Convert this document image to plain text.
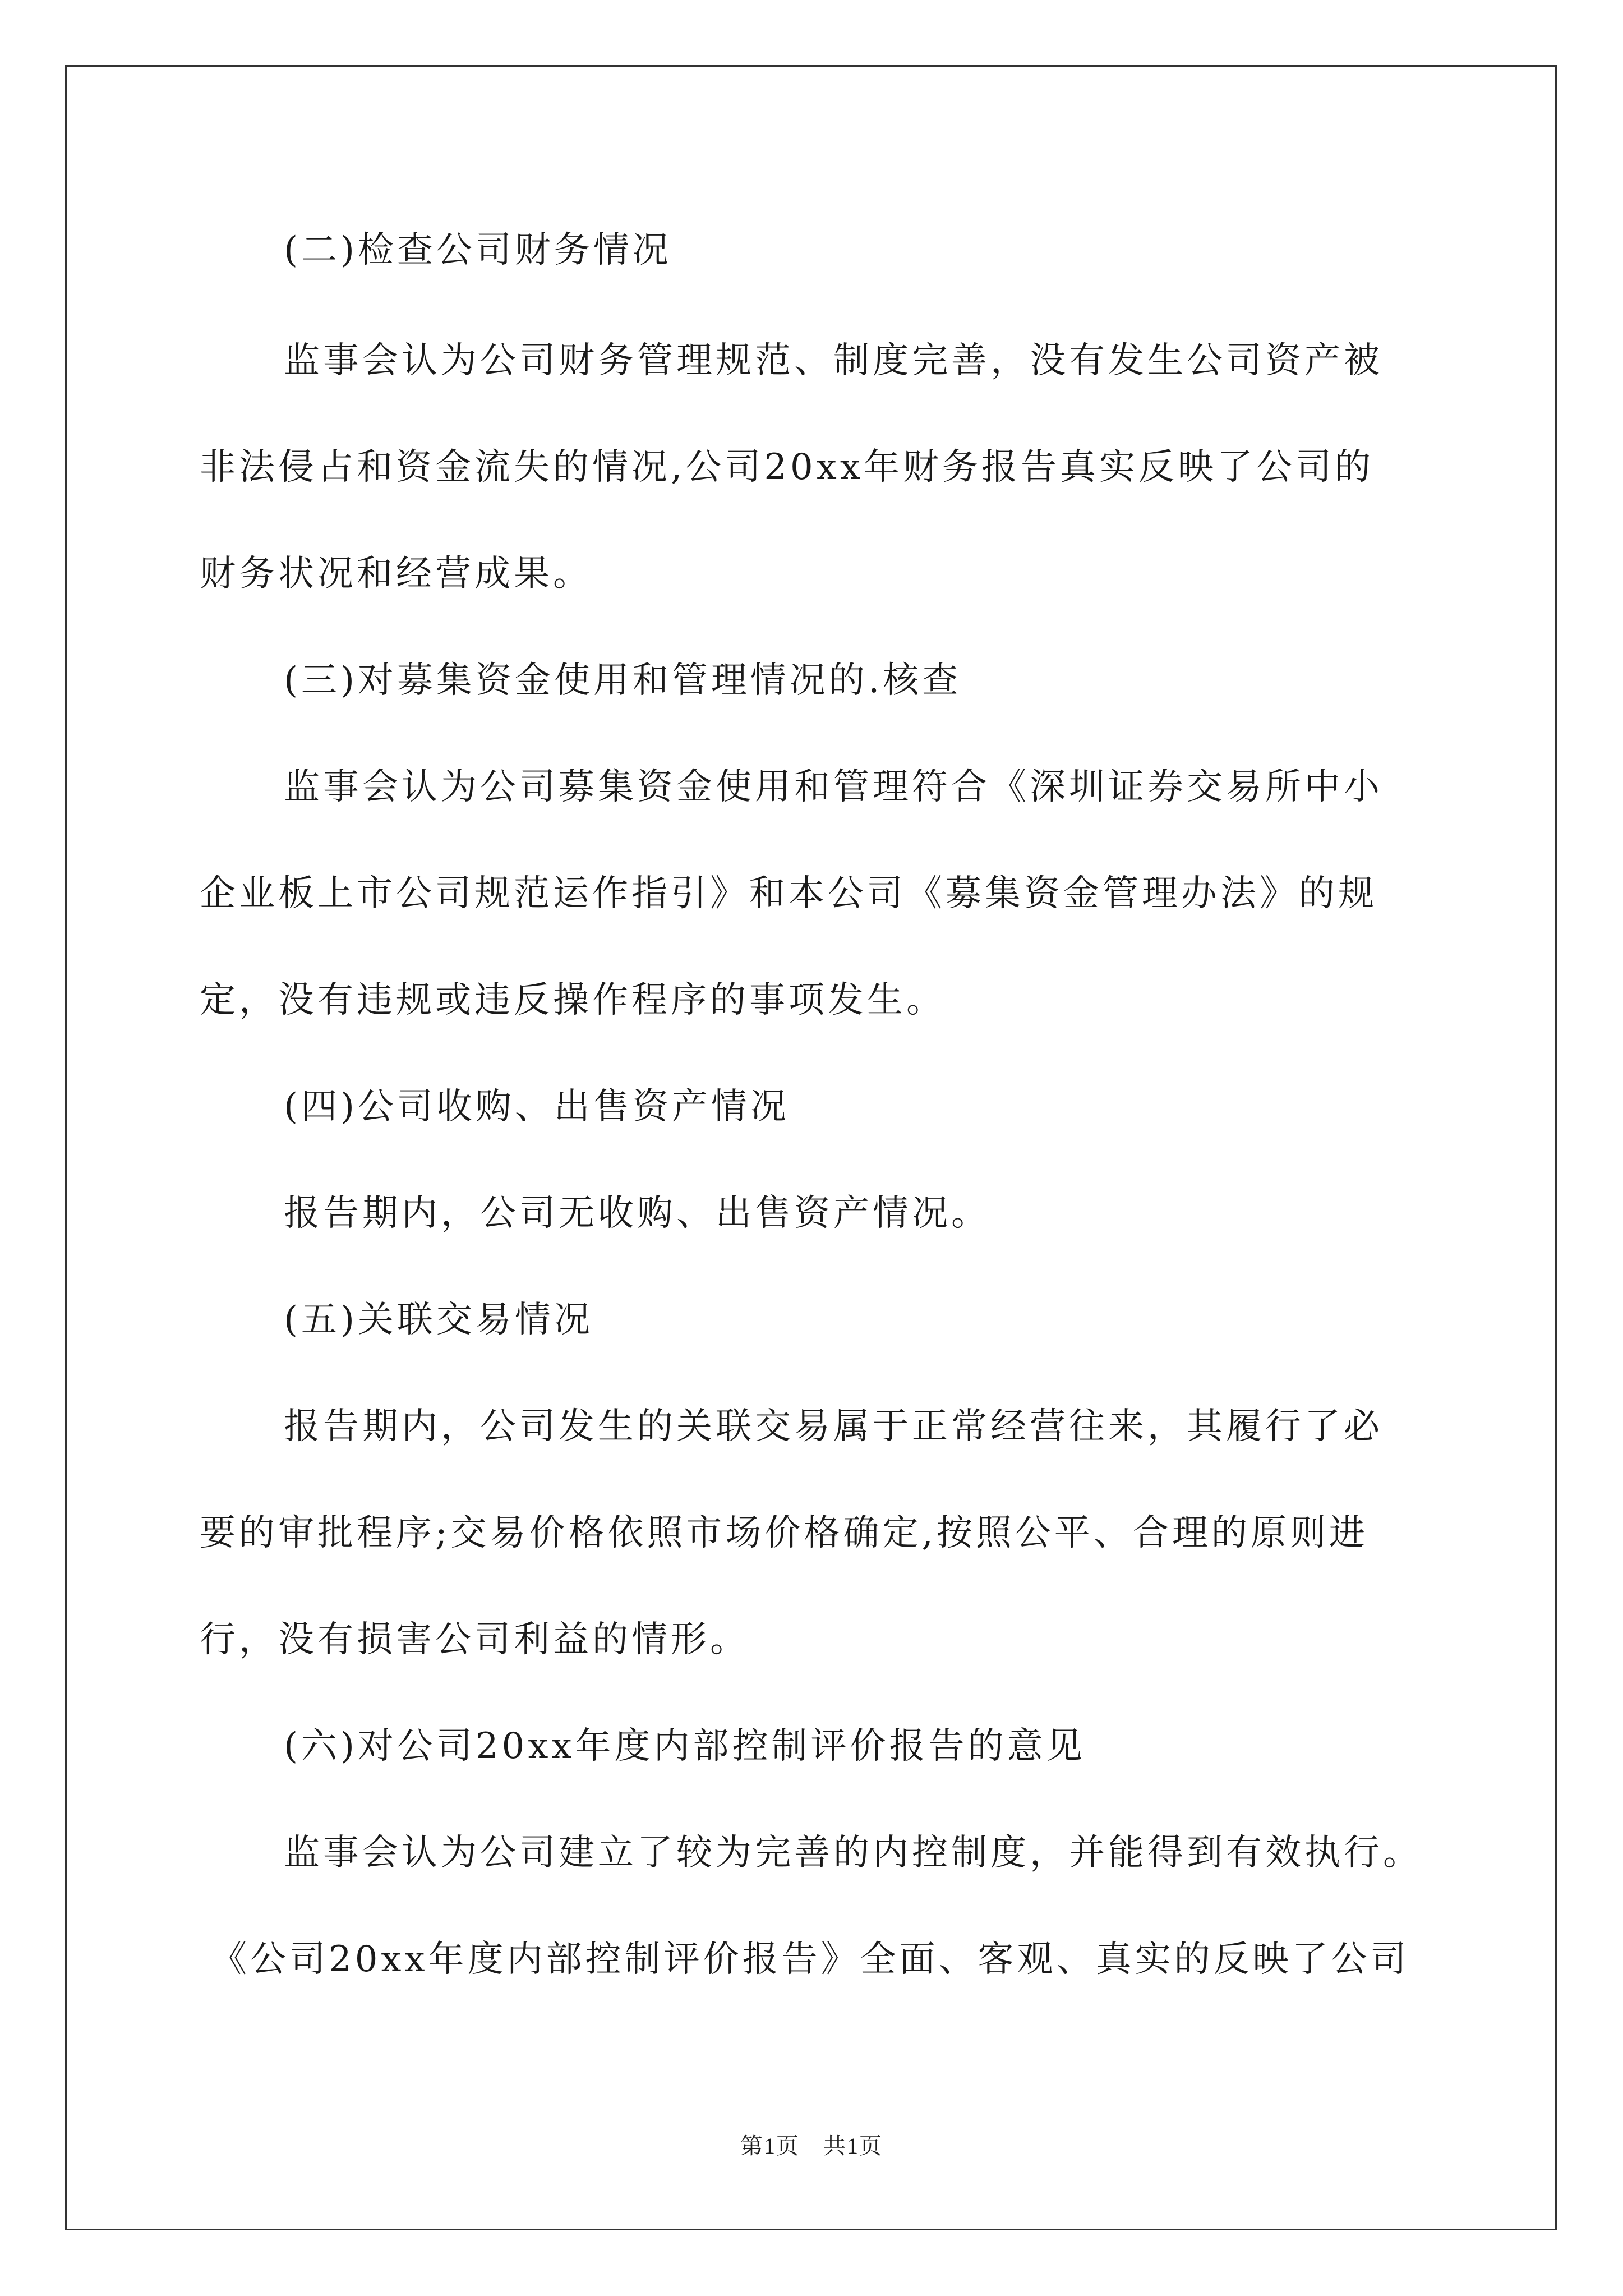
(二)检查公司财务情况
监事会认为公司财务管理规范、制度完善，没有发生公司资产被
非法侵占和资金流失的情况,公司20xx年财务报告真实反映了公司的
财务状况和经营成果。
(三)对募集资金使用和管理情况的.核查
监事会认为公司募集资金使用和管理符合《深圳证券交易所中小
企业板上市公司规范运作指引》和本公司《募集资金管理办法》的规
定，没有违规或违反操作程序的事项发生。
(四)公司收购、出售资产情况
报告期内，公司无收购、出售资产情况。
(五)关联交易情况
报告期内，公司发生的关联交易属于正常经营往来，其履行了必
要的审批程序;交易价格依照市场价格确定,按照公平、合理的原则进
行，没有损害公司利益的情形。
(六)对公司20xx年度内部控制评价报告的意见
监事会认为公司建立了较为完善的内控制度，并能得到有效执行。
《公司20xx年度内部控制评价报告》全面、客观、真实的反映了公司
第1页　共1页
